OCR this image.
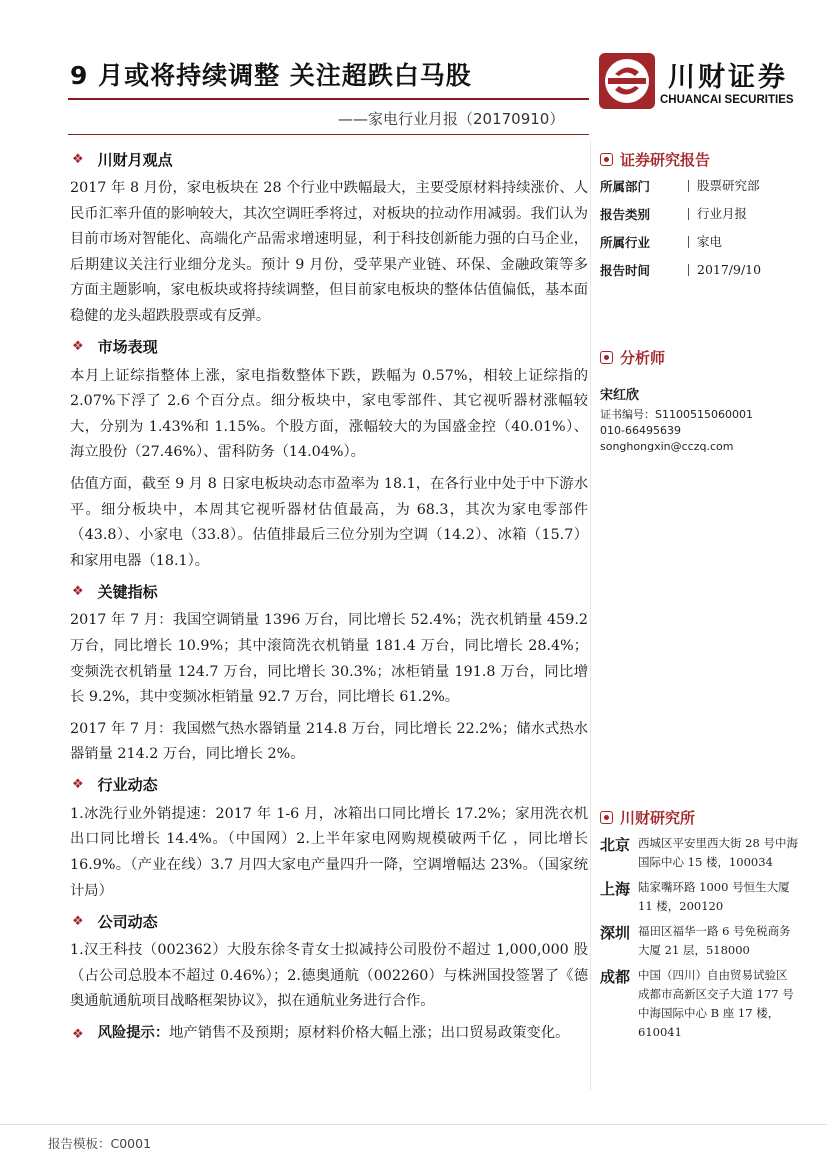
9 月或将持续调整 关注超跌白马股
——家电行业月报（20170910）
川财证券
CHUANCAI SECURITIES
❖ 川财月观点

2017 年 8 月份，家电板块在 28 个行业中跌幅最大，主要受原材料持续涨价、人民币汇率升值的影响较大，其次空调旺季将过，对板块的拉动作用减弱。我们认为目前市场对智能化、高端化产品需求增速明显，利于科技创新能力强的白马企业，后期建议关注行业细分龙头。预计 9 月份，受苹果产业链、环保、金融政策等多方面主题影响，家电板块或将持续调整，但目前家电板块的整体估值偏低，基本面稳健的龙头超跌股票或有反弹。

❖ 市场表现

本月上证综指整体上涨，家电指数整体下跌，跌幅为 0.57%，相较上证综指的 2.07%下浮了 2.6 个百分点。细分板块中，家电零部件、其它视听器材涨幅较大，分别为 1.43%和 1.15%。个股方面，涨幅较大的为国盛金控（40.01%）、海立股份（27.46%）、雷科防务（14.04%）。

估值方面，截至 9 月 8 日家电板块动态市盈率为 18.1，在各行业中处于中下游水平。细分板块中，本周其它视听器材估值最高，为 68.3，其次为家电零部件（43.8）、小家电（33.8）。估值排最后三位分别为空调（14.2）、冰箱（15.7）和家用电器（18.1）。

❖ 关键指标

2017 年 7 月：我国空调销量 1396 万台，同比增长 52.4%；洗衣机销量 459.2 万台，同比增长 10.9%；其中滚筒洗衣机销量 181.4 万台，同比增长 28.4%；变频洗衣机销量 124.7 万台，同比增长 30.3%；冰柜销量 191.8 万台，同比增长 9.2%，其中变频冰柜销量 92.7 万台，同比增长 61.2%。

2017 年 7 月：我国燃气热水器销量 214.8 万台，同比增长 22.2%；储水式热水器销量 214.2 万台，同比增长 2%。

❖ 行业动态

1.冰洗行业外销提速：2017 年 1-6 月，冰箱出口同比增长 17.2%；家用洗衣机出口同比增长 14.4%。（中国网）2.上半年家电网购规模破两千亿 ，同比增长 16.9%。（产业在线）3.7 月四大家电产量四升一降，空调增幅达 23%。（国家统计局）

❖ 公司动态

1.汉王科技（002362）大股东徐冬青女士拟减持公司股份不超过 1,000,000 股（占公司总股本不超过 0.46%）；2.德奥通航（002260）与株洲国投签署了《德奥通航通航项目战略框架协议》，拟在通航业务进行合作。

❖ 风险提示：地产销售不及预期；原材料价格大幅上涨；出口贸易政策变化。
证券研究报告
所属部门	股票研究部
报告类别	行业月报
所属行业	家电
报告时间	2017/9/10
分析师
宋红欣
证书编号：S1100515060001
010-66495639
songhongxin@cczq.com
川财研究所
北京 西城区平安里西大街 28 号中海国际中心 15 楼，100034
上海 陆家嘴环路 1000 号恒生大厦 11 楼，200120
深圳 福田区福华一路 6 号免税商务大厦 21 层，518000
成都 中国（四川）自由贸易试验区成都市高新区交子大道 177 号中海国际中心 B 座 17 楼，610041
报告模板：C0001
